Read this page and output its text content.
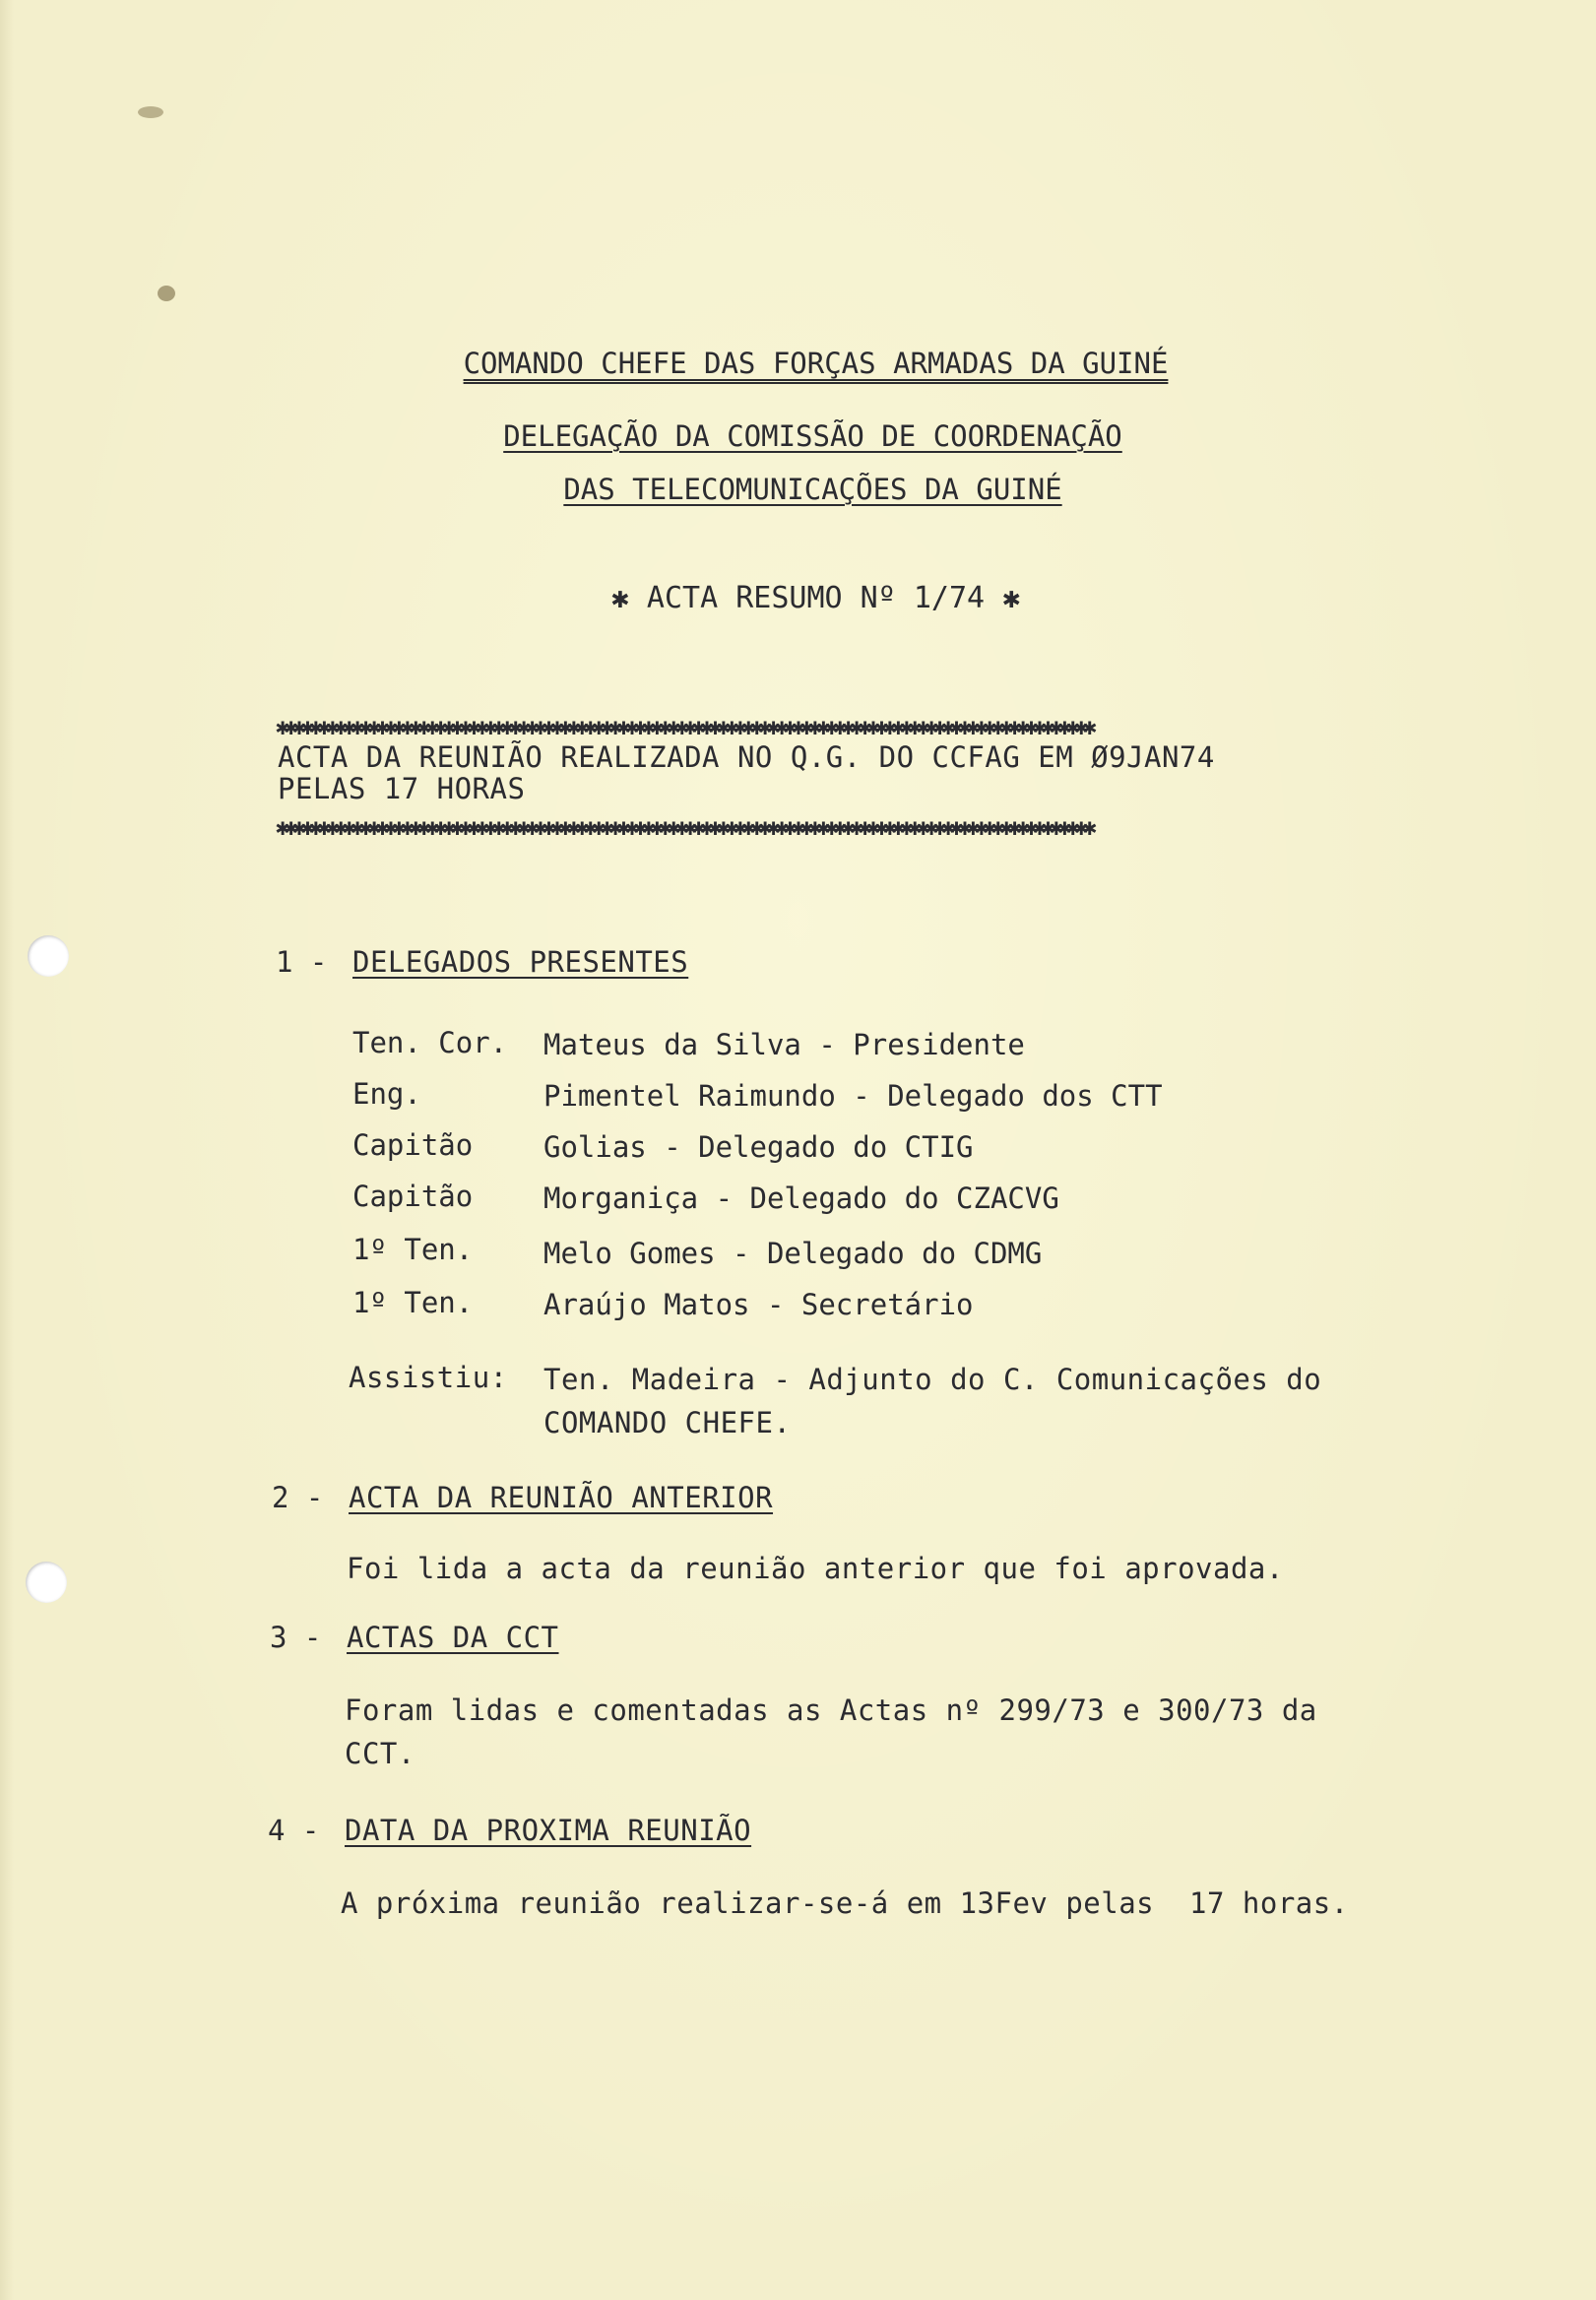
COMANDO CHEFE DAS FORÇAS ARMADAS DA GUINÉ
DELEGAÇÃO DA COMISSÃO DE COORDENAÇÃO
DAS TELECOMUNICAÇÕES DA GUINÉ
✱ ACTA RESUMO Nº 1/74 ✱
✱✱✱✱✱✱✱✱✱✱✱✱✱✱✱✱✱✱✱✱✱✱✱✱✱✱✱✱✱✱✱✱✱✱✱✱✱✱✱✱✱✱✱✱✱✱✱✱✱✱✱✱✱✱✱✱✱✱✱✱✱✱✱✱✱✱✱✱✱✱✱✱✱✱✱✱✱✱✱✱✱✱✱✱✱✱✱✱✱✱✱✱✱✱✱✱✱✱
ACTA DA REUNIÃO REALIZADA NO Q.G. DO CCFAG EM Ø9JAN74
PELAS 17 HORAS
✱✱✱✱✱✱✱✱✱✱✱✱✱✱✱✱✱✱✱✱✱✱✱✱✱✱✱✱✱✱✱✱✱✱✱✱✱✱✱✱✱✱✱✱✱✱✱✱✱✱✱✱✱✱✱✱✱✱✱✱✱✱✱✱✱✱✱✱✱✱✱✱✱✱✱✱✱✱✱✱✱✱✱✱✱✱✱✱✱✱✱✱✱✱✱✱✱✱
1 - DELEGADOS PRESENTES
Ten. Cor. Mateus da Silva - Presidente
Eng.	Pimentel Raimundo - Delegado dos CTT
Capitão Golias - Delegado do CTIG
Capitão Morganiça - Delegado do CZACVG
1º Ten. Melo Gomes - Delegado do CDMG
1º Ten. Araújo Matos - Secretário
Assistiu: Ten. Madeira - Adjunto do C. Comunicações do
COMANDO CHEFE.
2 - ACTA DA REUNIÃO ANTERIOR
Foi lida a acta da reunião anterior que foi aprovada.
3 - ACTAS DA CCT
Foram lidas e comentadas as Actas nº 299/73 e 300/73 da
CCT.
4 - DATA DA PROXIMA REUNIÃO
A próxima reunião realizar-se-á em 13Fev pelas  17 horas.
